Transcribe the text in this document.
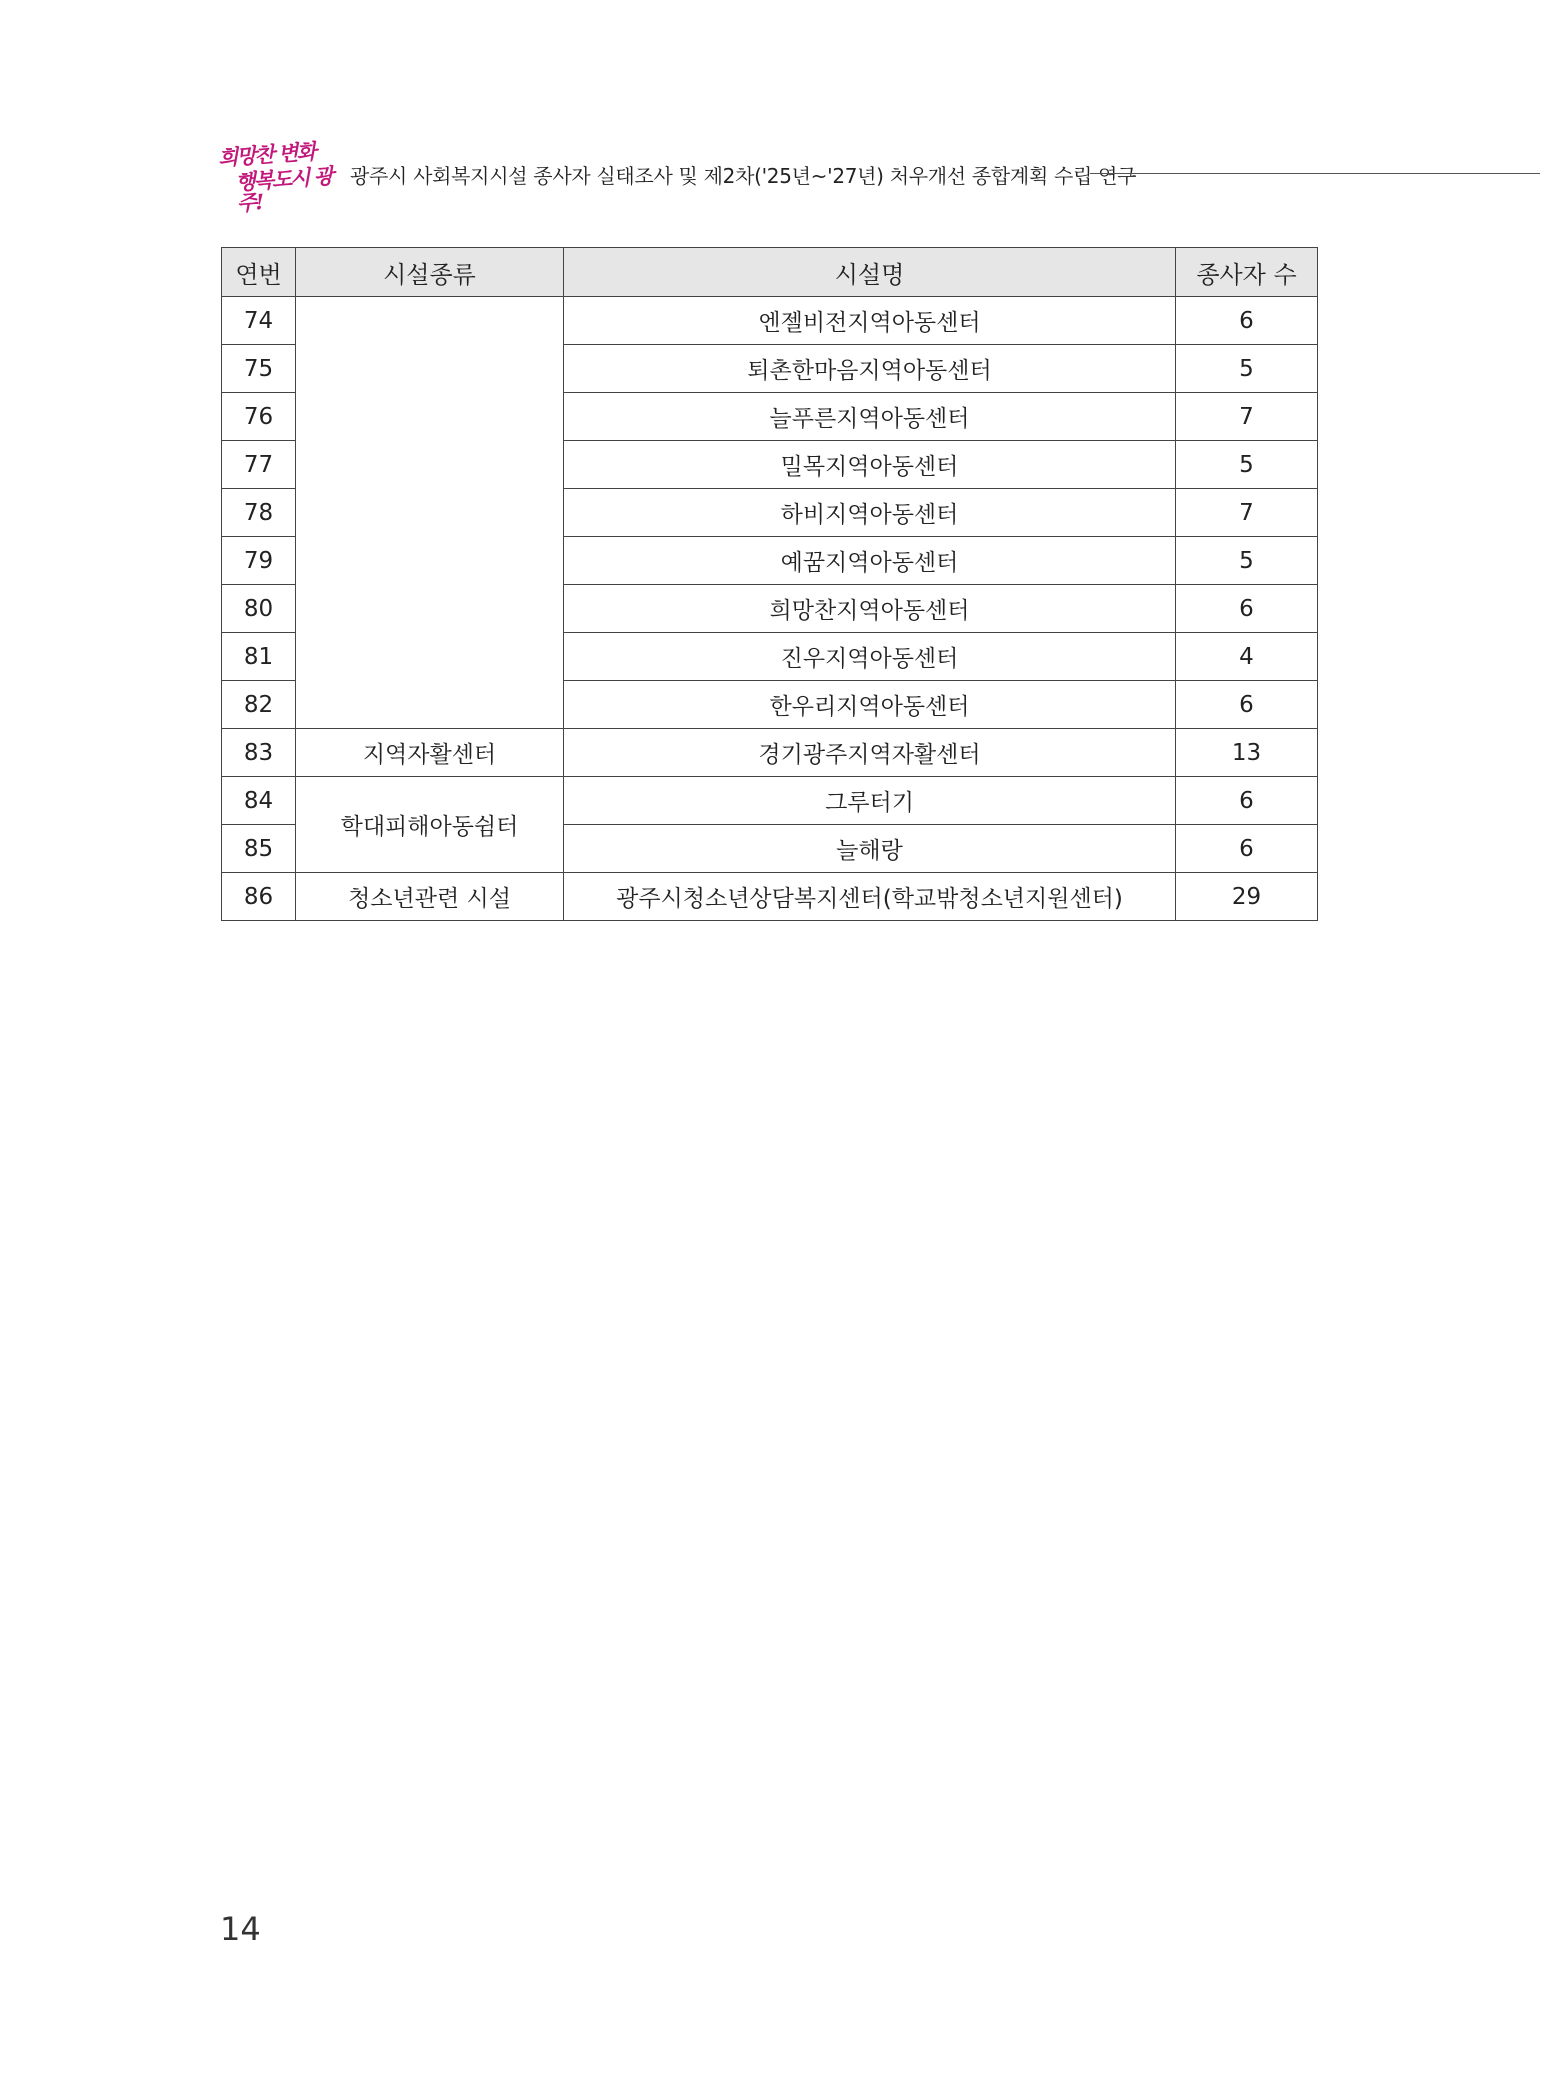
희망찬 변화
행복도시 광주!
광주시 사회복지시설 종사자 실태조사 및 제2차('25년~'27년) 처우개선 종합계획 수립 연구
연번	시설종류	시설명	종사자 수
74		엔젤비전지역아동센터	6
75		퇴촌한마음지역아동센터	5
76		늘푸른지역아동센터	7
77		밀목지역아동센터	5
78		하비지역아동센터	7
79		예꿈지역아동센터	5
80		희망찬지역아동센터	6
81		진우지역아동센터	4
82		한우리지역아동센터	6
83	지역자활센터	경기광주지역자활센터	13
84	학대피해아동쉼터	그루터기	6
85		늘해랑	6
86	청소년관련 시설	광주시청소년상담복지센터(학교밖청소년지원센터)	29
14
